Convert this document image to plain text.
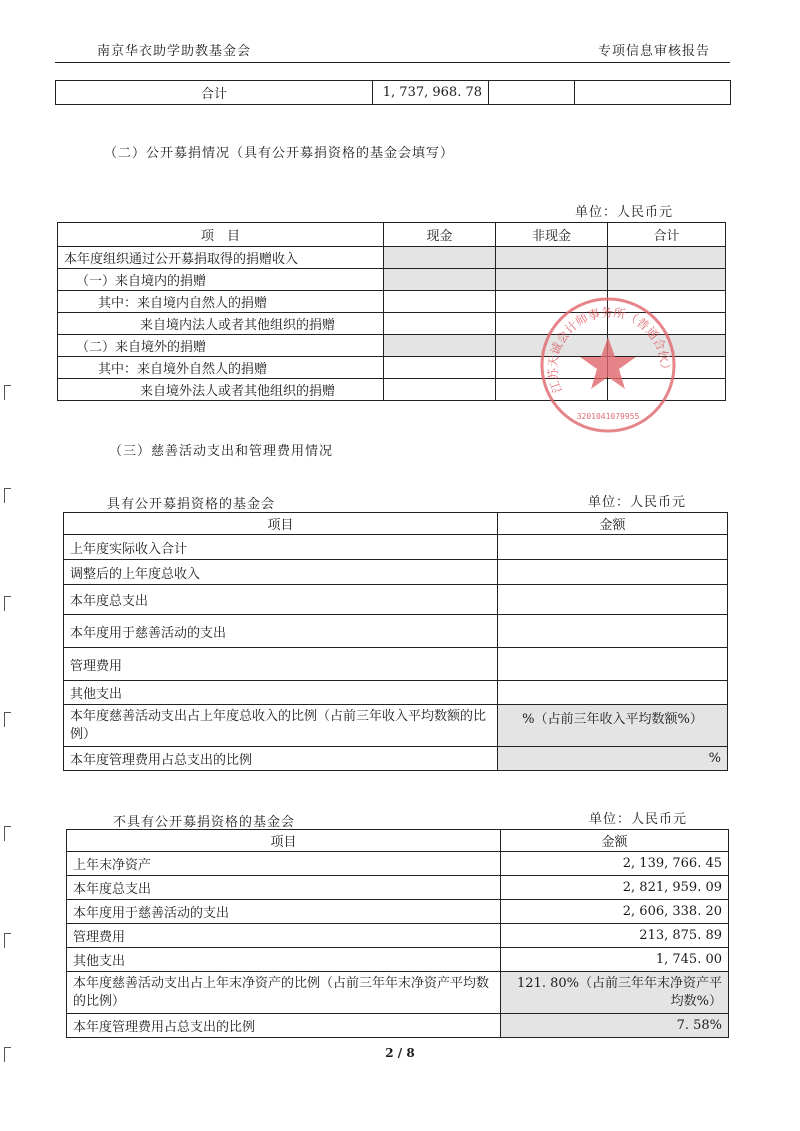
南京华衣助学助教基金会	专项信息审核报告
合计	1, 737, 968. 78		
（二）公开募捐情况（具有公开募捐资格的基金会填写）
单位：人民币元
项　目	现金	非现金	合计
本年度组织通过公开募捐取得的捐赠收入			
（一）来自境内的捐赠			
其中：来自境内自然人的捐赠			
来自境内法人或者其他组织的捐赠			
（二）来自境外的捐赠			
其中：来自境外自然人的捐赠			
来自境外法人或者其他组织的捐赠				江苏天诚会计师事务所（普通合伙）
3201041079955
（三）慈善活动支出和管理费用情况
具有公开募捐资格的基金会	单位：人民币元
项目	金额
上年度实际收入合计	
调整后的上年度总收入	
本年度总支出	
本年度用于慈善活动的支出	
管理费用	
其他支出	
本年度慈善活动支出占上年度总收入的比例（占前三年收入平均数额的比例）	%（占前三年收入平均数额%）
本年度管理费用占总支出的比例	%
不具有公开募捐资格的基金会	单位：人民币元
项目	金额
上年末净资产	2, 139, 766. 45
本年度总支出	2, 821, 959. 09
本年度用于慈善活动的支出	2, 606, 338. 20
管理费用	213, 875. 89
其他支出	1, 745. 00
本年度慈善活动支出占上年末净资产的比例（占前三年年末净资产平均数的比例）	121. 80%（占前三年年末净资产平均数%）
本年度管理费用占总支出的比例	7. 58%
2 / 8
